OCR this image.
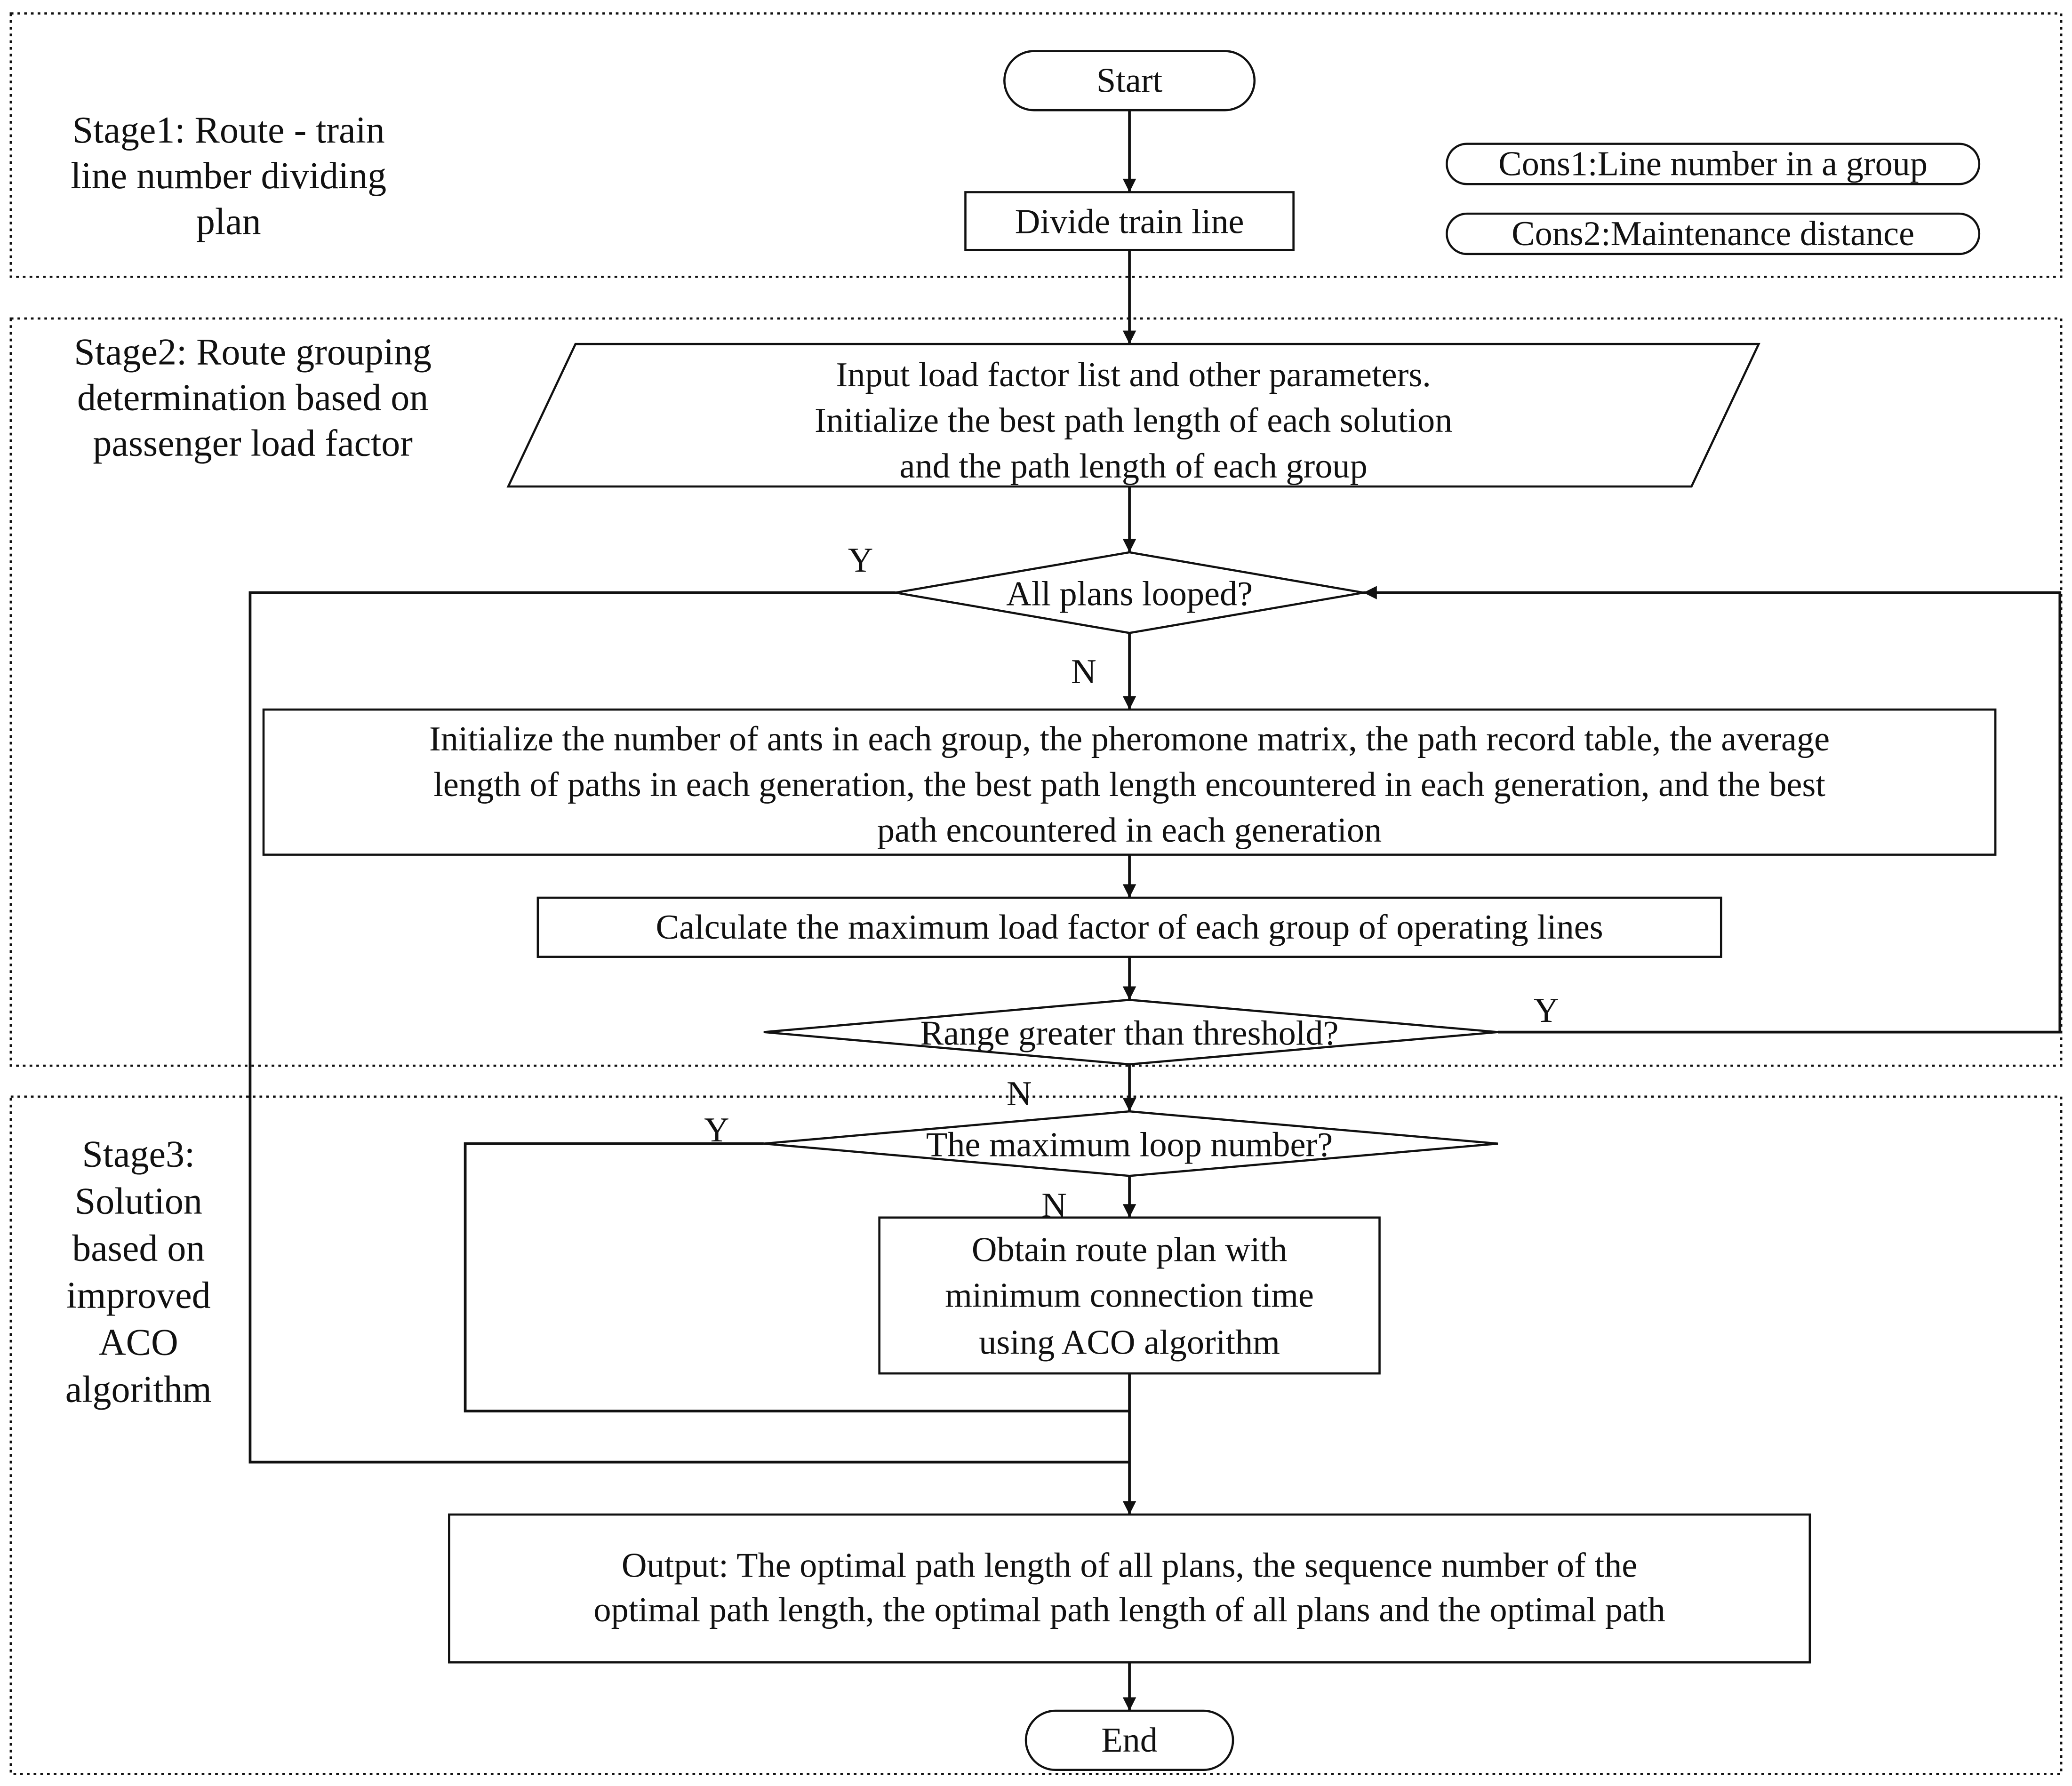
Stage1: Route - train
line number dividing
plan
Stage2: Route grouping
determination based on
passenger load factor
Stage3:
Solution
based on
improved
ACO
algorithm
Start
Divide train line
Cons1:Line number in a group
Cons2:Maintenance distance
Input load factor list and other parameters.
Initialize the best path length of each solution
and the path length of each group
All plans looped?
Initialize the number of ants in each group, the pheromone matrix, the path record table, the average
length of paths in each generation, the best path length encountered in each generation, and the best
path encountered in each generation
Calculate the maximum load factor of each group of operating lines
Range greater than threshold?
The maximum loop number?
Obtain route plan with
minimum connection time
using ACO algorithm
Output: The optimal path length of all plans, the sequence number of the
optimal path length, the optimal path length of all plans and the optimal path
End
Y
N
Y
N
Y
N
